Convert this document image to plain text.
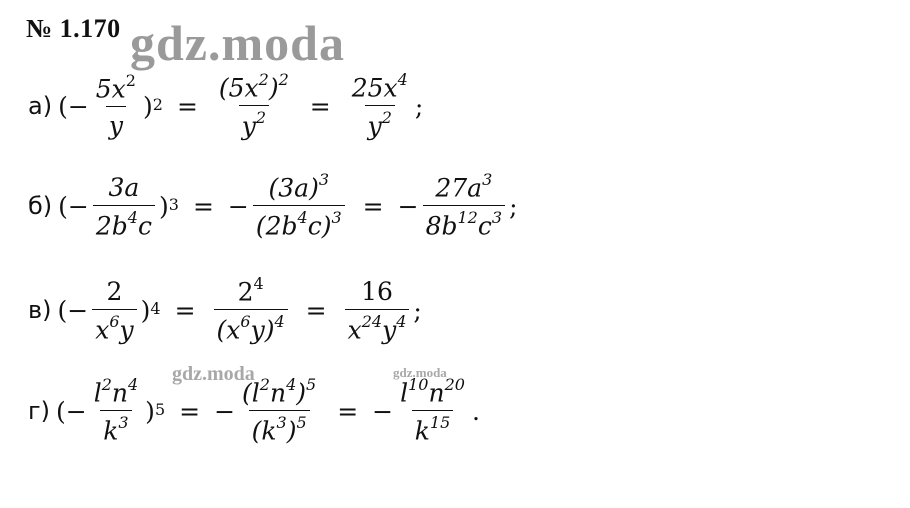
№ 1.170 gdz.moda
gdz.moda	gdz.moda
а) (− $\frac{5x^2}{y} )^2 = \frac{(5x^2)^2}{y^2} = \frac{25x^4}{y^2}$ ;
б) (− $\frac{3a}{2b^4c} )^3$ = − $\frac{(3a)^3}{(2b^4c)^3}$ = − $\frac{27a^3}{8b^{12}c^3}$ ;
в) (− $\frac{2}{x^6y} )^4 = \frac{2^4}{(x^6y)^4} = \frac{16}{x^{24}y^4}$ ;
г) (− $\frac{l^2n^4}{k^3} )^5$ = − $\frac{(l^2n^4)^5}{(k^3)^5}$ = − $\frac{l^{10}n^{20}}{k^{15}}$ .
